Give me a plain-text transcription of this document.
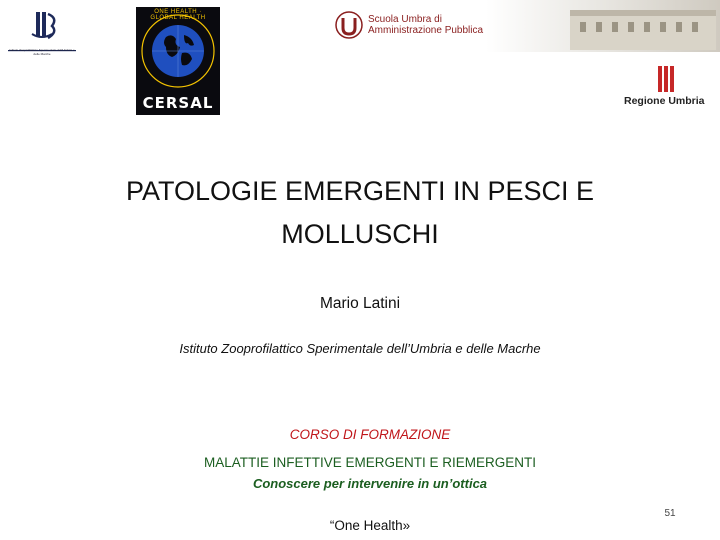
Istituto Zooprofilattico Sperimentale dell'Umbria e delle Marche
ONE HEALTH · GLOBAL HEALTH
CERSAL
Scuola Umbra di
Amministrazione Pubblica
Regione Umbria
PATOLOGIE EMERGENTI IN PESCI E
MOLLUSCHI
Mario Latini
Istituto Zooprofilattico Sperimentale dell’Umbria e delle Macrhe
CORSO DI FORMAZIONE
MALATTIE INFETTIVE EMERGENTI E RIEMERGENTI
Conoscere per intervenire in un’ottica
“One Health»
51
